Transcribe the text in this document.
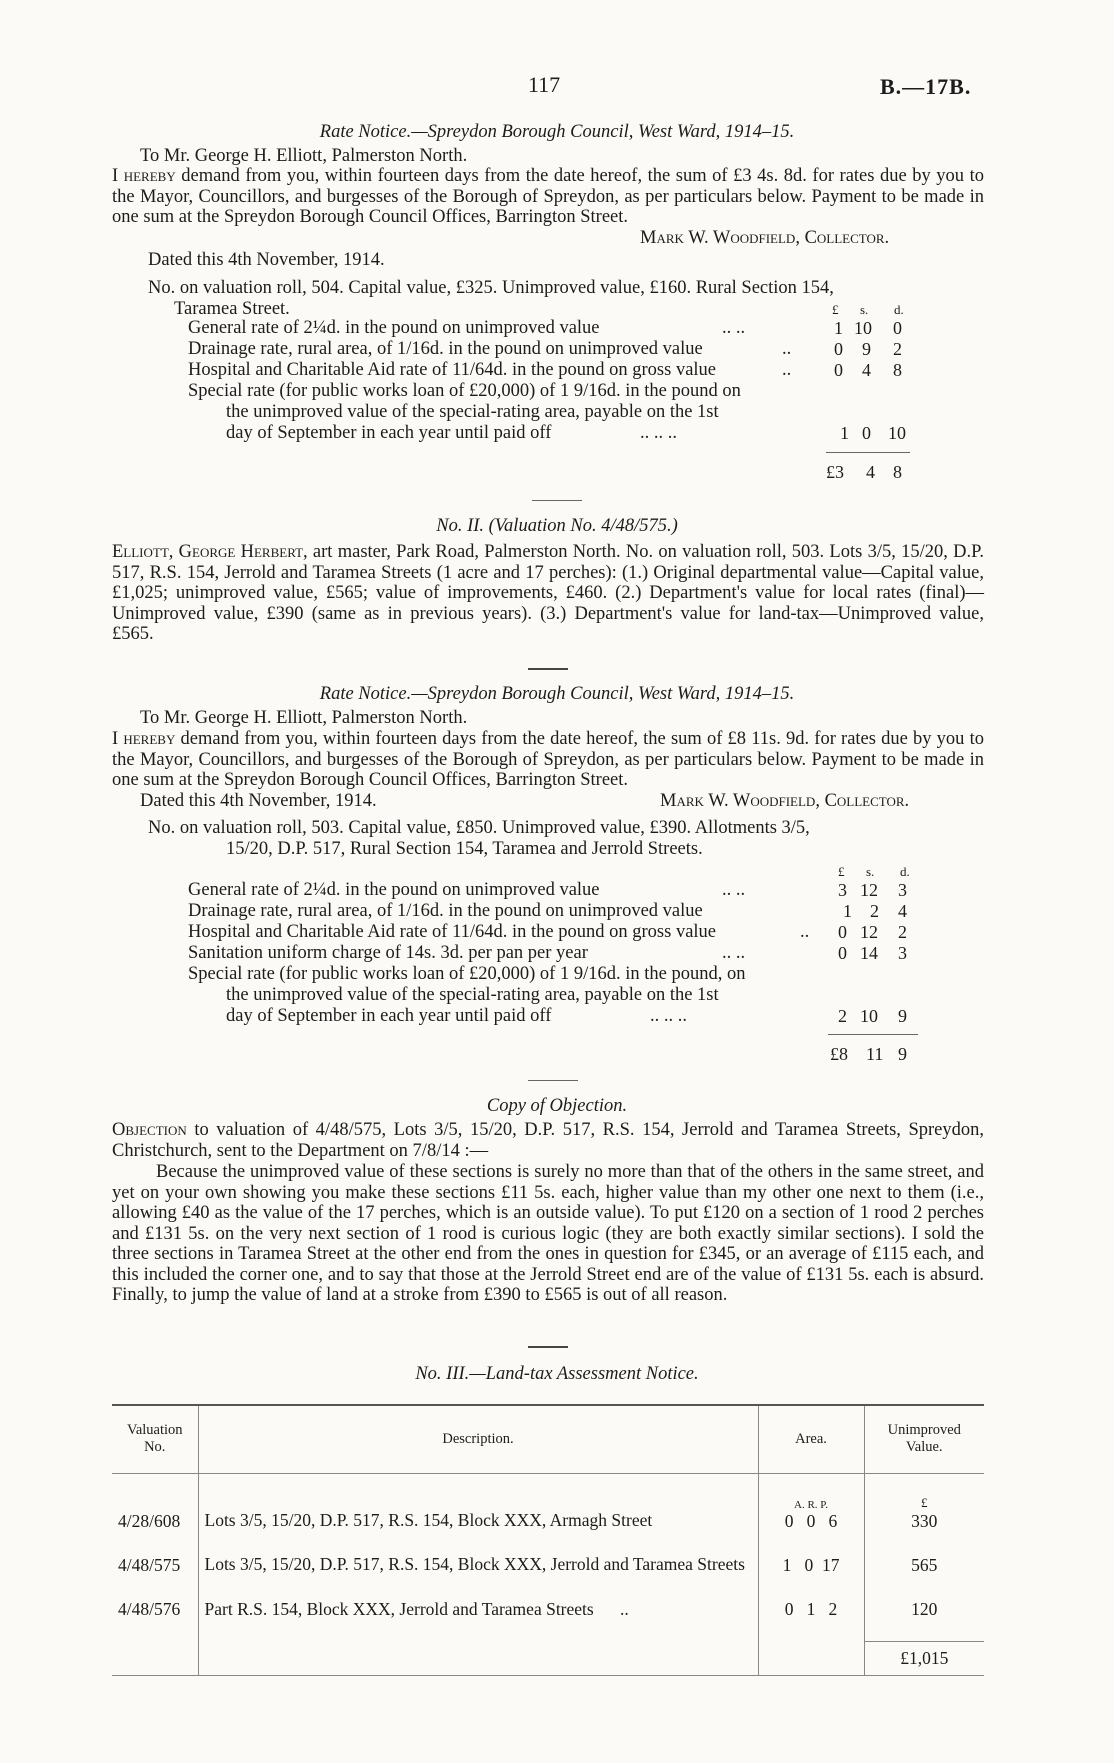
117	B.—17B.
Rate Notice.—Spreydon Borough Council, West Ward, 1914–15.
To Mr. George H. Elliott, Palmerston North.
I hereby demand from you, within fourteen days from the date hereof, the sum of £3 4s. 8d. for rates due by you to the Mayor, Councillors, and burgesses of the Borough of Spreydon, as per particulars below. Payment to be made in one sum at the Spreydon Borough Council Offices, Barrington Street.
Mark W. Woodfield, Collector.
Dated this 4th November, 1914.
No. on valuation roll, 504. Capital value, £325. Unimproved value, £160. Rural Section 154,
Taramea Street.	£ s. d.
General rate of 2¼d. in the pound on unimproved value	.. ..	1 10 0
Drainage rate, rural area, of 1/16d. in the pound on unimproved value	.. 0 9 2
Hospital and Charitable Aid rate of 11/64d. in the pound on gross value	.. 0 4 8
Special rate (for public works loan of £20,000) of 1 9/16d. in the pound on
the unimproved value of the special-rating area, payable on the 1st
day of September in each year until paid off	.. .. ..	1 0 10
£3 4 8
No. II. (Valuation No. 4/48/575.)
Elliott, George Herbert, art master, Park Road, Palmerston North. No. on valuation roll, 503. Lots 3/5, 15/20, D.P. 517, R.S. 154, Jerrold and Taramea Streets (1 acre and 17 perches): (1.) Original departmental value—Capital value, £1,025; unimproved value, £565; value of improvements, £460. (2.) Department's value for local rates (final)—Unimproved value, £390 (same as in previous years). (3.) Department's value for land-tax—Unimproved value, £565.
Rate Notice.—Spreydon Borough Council, West Ward, 1914–15.
To Mr. George H. Elliott, Palmerston North.
I hereby demand from you, within fourteen days from the date hereof, the sum of £8 11s. 9d. for rates due by you to the Mayor, Councillors, and burgesses of the Borough of Spreydon, as per particulars below. Payment to be made in one sum at the Spreydon Borough Council Offices, Barrington Street.
Dated this 4th November, 1914.	Mark W. Woodfield, Collector.
No. on valuation roll, 503. Capital value, £850. Unimproved value, £390. Allotments 3/5,
15/20, D.P. 517, Rural Section 154, Taramea and Jerrold Streets.
£ s. d.
General rate of 2¼d. in the pound on unimproved value	.. ..	3 12 3
Drainage rate, rural area, of 1/16d. in the pound on unimproved value	1 2 4
Hospital and Charitable Aid rate of 11/64d. in the pound on gross value	.. 0 12 2
Sanitation uniform charge of 14s. 3d. per pan per year	.. ..	0 14 3
Special rate (for public works loan of £20,000) of 1 9/16d. in the pound, on
the unimproved value of the special-rating area, payable on the 1st
day of September in each year until paid off	.. .. ..	2 10 9
£8 11 9
Copy of Objection.
Objection to valuation of 4/48/575, Lots 3/5, 15/20, D.P. 517, R.S. 154, Jerrold and Taramea Streets, Spreydon, Christchurch, sent to the Department on 7/8/14 :—
Because the unimproved value of these sections is surely no more than that of the others in the same street, and yet on your own showing you make these sections £11 5s. each, higher value than my other one next to them (i.e., allowing £40 as the value of the 17 perches, which is an outside value). To put £120 on a section of 1 rood 2 perches and £131 5s. on the very next section of 1 rood is curious logic (they are both exactly similar sections). I sold the three sections in Taramea Street at the other end from the ones in question for £345, or an average of £115 each, and this included the corner one, and to say that those at the Jerrold Street end are of the value of £131 5s. each is absurd. Finally, to jump the value of land at a stroke from £390 to £565 is out of all reason.
No. III.—Land-tax Assessment Notice.
Valuation No.	Description.	Area.	Unimproved Value.
		A. R. P.	£
4/28/608	Lots 3/5, 15/20, D.P. 517, R.S. 154, Block XXX, Armagh Street	0   0   6	330
4/48/575	Lots 3/5, 15/20, D.P. 517, R.S. 154, Block XXX, Jerrold and Taramea Streets	1   0  17	565
4/48/576	Part R.S. 154, Block XXX, Jerrold and Taramea Streets      ..	0   1   2	120
			£1,015
